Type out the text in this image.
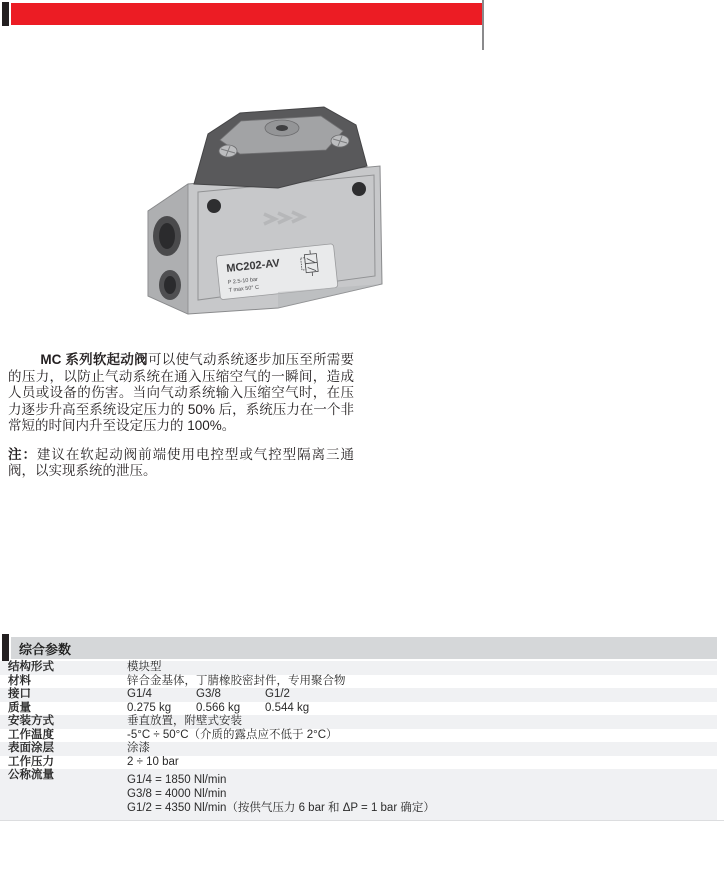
MC202-AV
P 2.5-10 bar
T max 50° C

MC 系列软起动阀可以使气动系统逐步加压至所需要的压力，以防止气动系统在通入压缩空气的一瞬间，造成人员或设备的伤害。当向气动系统输入压缩空气时，在压力逐步升高至系统设定压力的 50% 后，系统压力在一个非常短的时间内升至设定压力的 100%。

注：建议在软起动阀前端使用电控型或气控型隔离三通阀，以实现系统的泄压。

综合参数
结构形式	模块型
材料	锌合金基体，丁腈橡胶密封件，专用聚合物
接口	G1/4	G3/8	G1/2
质量	0.275 kg 0.566 kg 0.544 kg
安装方式	垂直放置，附壁式安装
工作温度	-5°C ÷ 50°C（介质的露点应不低于 2°C）
表面涂层	涂漆
工作压力	2 ÷ 10 bar
公称流量	G1/4 = 1850 Nl/min
G3/8 = 4000 Nl/min
G1/2 = 4350 Nl/min（按供气压力 6 bar 和 ΔP = 1 bar 确定）
